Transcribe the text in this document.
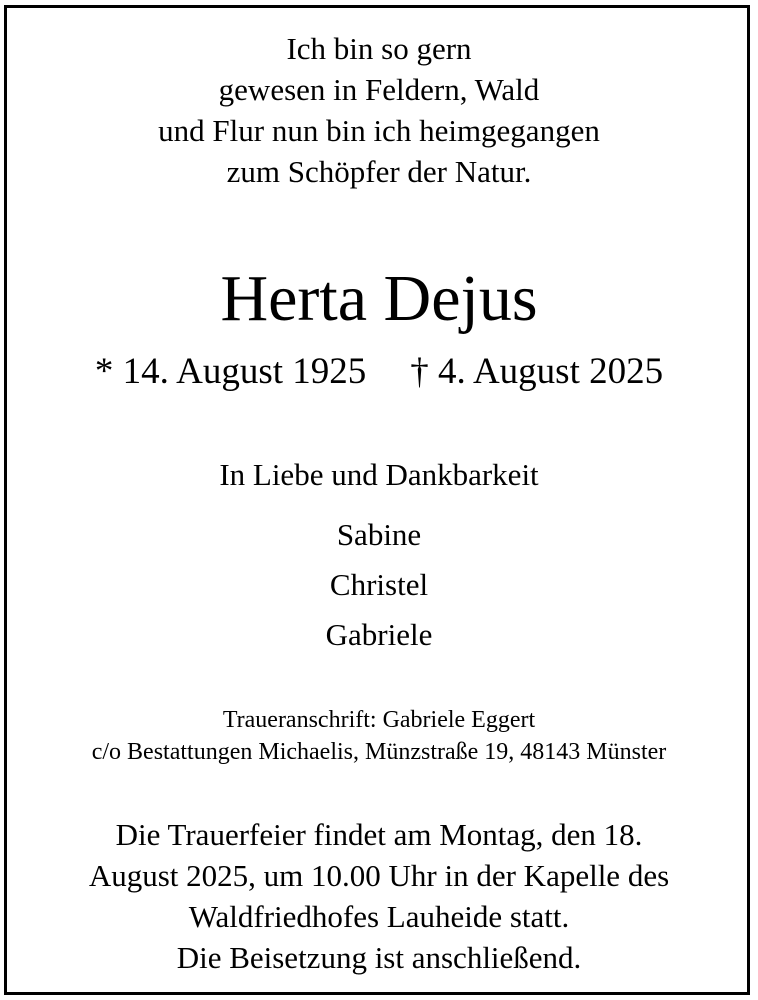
Ich bin so gern
gewesen in Feldern, Wald
und Flur nun bin ich heimgegangen
zum Schöpfer der Natur.
Herta Dejus
* 14. August 1925 † 4. August 2025
In Liebe und Dankbarkeit
Sabine
Christel
Gabriele
Traueranschrift: Gabriele Eggert
c/o Bestattungen Michaelis, Münzstraße 19, 48143 Münster
Die Trauerfeier findet am Montag, den 18.
August 2025, um 10.00 Uhr in der Kapelle des
Waldfriedhofes Lauheide statt.
Die Beisetzung ist anschließend.
